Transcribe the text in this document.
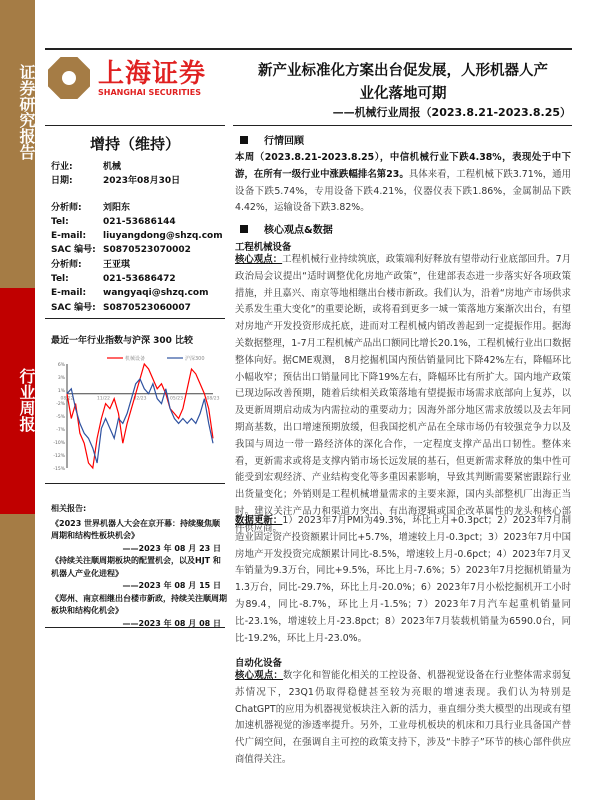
证券研究报告
行业周报
上海证券
SHANGHAI SECURITIES
增持（维持）
行业:	机械
日期:	2023年08月30日
分析师:	刘阳东
Tel:	021-53686144
E-mail:	liuyangdong@shzq.com
SAC 编号: S0870523070002
分析师:	王亚琪
Tel:	021-53686472
E-mail:	wangyaqi@shzq.com
SAC 编号: S0870523060007
最近一年行业指数与沪深 300 比较
6%
3%
1%
-2%
-5%
-7%
-10%
-12%
-15%
08/22	11/22	02/23	05/23	08/23
机械设备	沪深300
相关报告:
《2023 世界机器人大会在京开幕：持续聚焦顺周期和结构性板块机会》
——2023 年 08 月 23 日
《持续关注顺周期板块的配置机会，以及HJT 和机器人产业化进程》
——2023 年 08 月 15 日
《郑州、南京相继出台楼市新政，持续关注顺周期板块和结构化机会》
——2023 年 08 月 08 日
新产业标准化方案出台促发展，人形机器人产
业化落地可期
——机械行业周报（2023.8.21-2023.8.25）
行情回顾
本周（2023.8.21-2023.8.25），中信机械行业下跌4.38%，表现处于中下游，在所有一级行业中涨跌幅排名第23。具体来看，工程机械下跌3.71%，通用设备下跌5.74%，专用设备下跌4.21%，仪器仪表下跌1.86%，金属制品下跌4.42%，运输设备下跌3.82%。
核心观点&数据
工程机械设备
核心观点：工程机械行业持续筑底，政策端利好释放有望带动行业底部回升。7月政治局会议提出“适时调整优化房地产政策”，住建部表态进一步落实好各项政策措施，并且嘉兴、南京等地相继出台楼市新政。我们认为，沿着“房地产市场供求关系发生重大变化”的重要论断，或将看到更多一城一策落地方案渐次出台，有望对房地产开发投资形成托底，进而对工程机械内销改善起到一定提振作用。据海关数据整理，1-7月工程机械产品出口额同比增长20.1%，工程机械行业出口数据整体向好。据CME观测， 8月挖掘机国内预估销量同比下降42%左右，降幅环比小幅收窄；预估出口销量同比下降19%左右，降幅环比有所扩大。国内地产政策已现边际改善预期，随着后续相关政策落地有望提振市场需求底部向上复苏，以及更新周期启动成为内需拉动的重要动力；因海外部分地区需求放缓以及去年同期高基数，出口增速预期放缓，但我国挖机产品在全球市场仍有较强竞争力以及我国与周边一带一路经济体的深化合作，一定程度支撑产品出口韧性。整体来看，更新需求或将是支撑内销市场长远发展的基石，但更新需求释放的集中性可能受到宏观经济、产业结构变化等多重因素影响，导致其判断需要紧密跟踪行业出货量变化；外销则是工程机械增量需求的主要来源，国内头部整机厂出海正当时。建议关注产品力和渠道力突出、有出海逻辑或国企改革属性的龙头和核心部件供应商。
数据更新：1）2023年7月PMI为49.3%，环比上月+0.3pct；2）2023年7月制造业固定资产投资额累计同比+5.7%，增速较上月-0.3pct；3）2023年7月中国房地产开发投资完成额累计同比-8.5%，增速较上月-0.6pct；4）2023年7月叉车销量为9.3万台，同比+9.5%，环比上月-7.6%；5）2023年7月挖掘机销量为1.3万台，同比-29.7%，环比上月-20.0%；6）2023年7月小松挖掘机开工小时为89.4，同比-8.7%，环比上月-1.5%；7）2023年7月汽车起重机销量同比-23.1%，增速较上月-23.8pct；8）2023年7月装载机销量为6590.0台，同比-19.2%，环比上月-23.0%。
自动化设备
核心观点：数字化和智能化相关的工控设备、机器视觉设备在行业整体需求弱复苏情况下，23Q1仍取得稳健甚至较为亮眼的增速表现。我们认为特别是ChatGPT的应用为机器视觉板块注入新的活力，垂直细分类大模型的出现或有望加速机器视觉的渗透率提升。另外，工业母机板块的机床和刀具行业具备国产替代广阔空间，在强调自主可控的政策支持下，涉及“卡脖子”环节的核心部件供应商值得关注。
